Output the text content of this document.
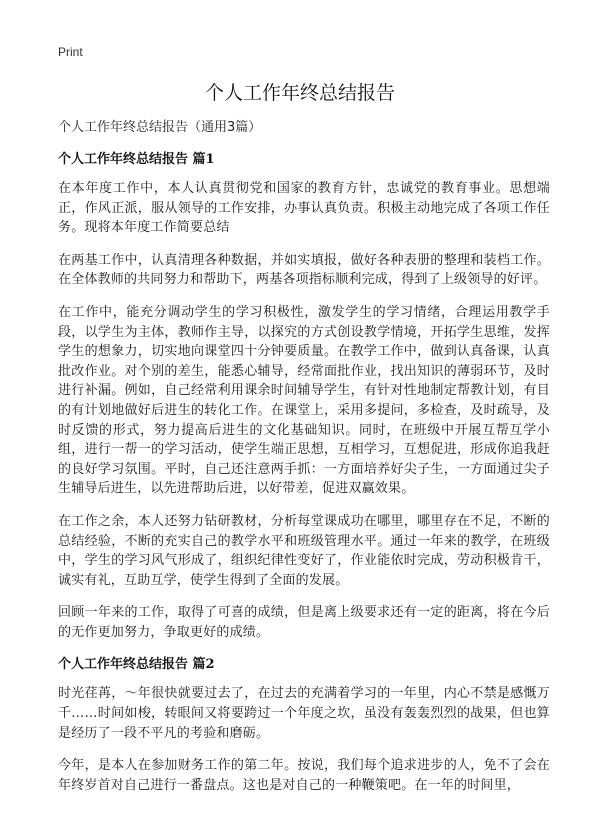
Print
个人工作年终总结报告

个人工作年终总结报告（通用3篇）

个人工作年终总结报告 篇1

在本年度工作中，本人认真贯彻党和国家的教育方针，忠诚党的教育事业。思想端正，作风正派，服从领导的工作安排，办事认真负责。积极主动地完成了各项工作任务。现将本年度工作简要总结

在两基工作中，认真清理各种数据，并如实填报，做好各种表册的整理和装档工作。在全体教师的共同努力和帮助下，两基各项指标顺利完成，得到了上级领导的好评。

在工作中，能充分调动学生的学习积极性，激发学生的学习情绪，合理运用教学手段，以学生为主体，教师作主导，以探究的方式创设教学情境，开拓学生思维，发挥学生的想象力，切实地向课堂四十分钟要质量。在教学工作中，做到认真备课，认真批改作业。对个别的差生，能悉心辅导，经常面批作业，找出知识的薄弱环节，及时进行补漏。例如，自己经常利用课余时间辅导学生，有针对性地制定帮教计划，有目的有计划地做好后进生的转化工作。在课堂上，采用多提问，多检查，及时疏导，及时反馈的形式，努力提高后进生的文化基础知识。同时，在班级中开展互帮互学小组，进行一帮一的学习活动，使学生端正思想，互相学习，互想促进，形成你追我赶的良好学习氛围。平时，自己还注意两手抓：一方面培养好尖子生，一方面通过尖子生辅导后进生，以先进帮助后进，以好带差，促进双赢效果。

在工作之余，本人还努力钻研教材，分析每堂课成功在哪里，哪里存在不足，不断的总结经验，不断的充实自己的教学水平和班级管理水平。通过一年来的教学，在班级中，学生的学习风气形成了，组织纪律性变好了，作业能依时完成，劳动积极肯干，诚实有礼，互助互学，使学生得到了全面的发展。

回顾一年来的工作，取得了可喜的成绩，但是离上级要求还有一定的距离，将在今后的无作更加努力，争取更好的成绩。

个人工作年终总结报告 篇2

时光荏苒，～年很快就要过去了，在过去的充满着学习的一年里，内心不禁是感慨万千……时间如梭，转眼间又将要跨过一个年度之坎，虽没有轰轰烈烈的战果，但也算是经历了一段不平凡的考验和磨砺。

今年，是本人在参加财务工作的第二年。按说，我们每个追求进步的人，免不了会在年终岁首对自己进行一番盘点。这也是对自己的一种鞭策吧。在一年的时间里，
